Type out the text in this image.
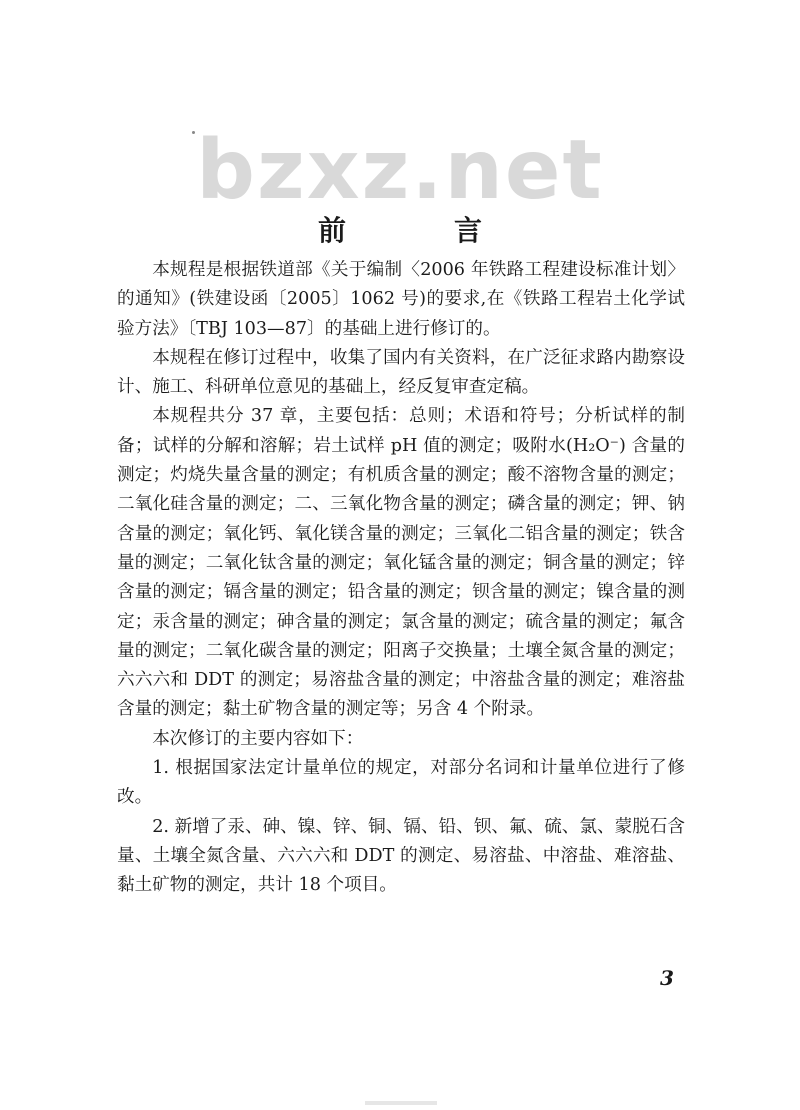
bzxz.net
前　言

本规程是根据铁道部《关于编制〈2006 年铁路工程建设标准计划〉的通知》(铁建设函〔2005〕1062 号)的要求,在《铁路工程岩土化学试验方法》〔TBJ 103—87〕的基础上进行修订的。

本规程在修订过程中，收集了国内有关资料，在广泛征求路内勘察设计、施工、科研单位意见的基础上，经反复审查定稿。

本规程共分 37 章，主要包括：总则；术语和符号；分析试样的制备；试样的分解和溶解；岩土试样 pH 值的测定；吸附水(H₂O⁻) 含量的测定；灼烧失量含量的测定；有机质含量的测定；酸不溶物含量的测定；二氧化硅含量的测定；二、三氧化物含量的测定；磷含量的测定；钾、钠含量的测定；氧化钙、氧化镁含量的测定；三氧化二铝含量的测定；铁含量的测定；二氧化钛含量的测定；氧化锰含量的测定；铜含量的测定；锌含量的测定；镉含量的测定；铅含量的测定；钡含量的测定；镍含量的测定；汞含量的测定；砷含量的测定；氯含量的测定；硫含量的测定；氟含量的测定；二氧化碳含量的测定；阳离子交换量；土壤全氮含量的测定；六六六和 DDT 的测定；易溶盐含量的测定；中溶盐含量的测定；难溶盐含量的测定；黏土矿物含量的测定等；另含 4 个附录。

本次修订的主要内容如下：

1. 根据国家法定计量单位的规定，对部分名词和计量单位进行了修改。

2. 新增了汞、砷、镍、锌、铜、镉、铅、钡、氟、硫、氯、蒙脱石含量、土壤全氮含量、六六六和 DDT 的测定、易溶盐、中溶盐、难溶盐、黏土矿物的测定，共计 18 个项目。

3
